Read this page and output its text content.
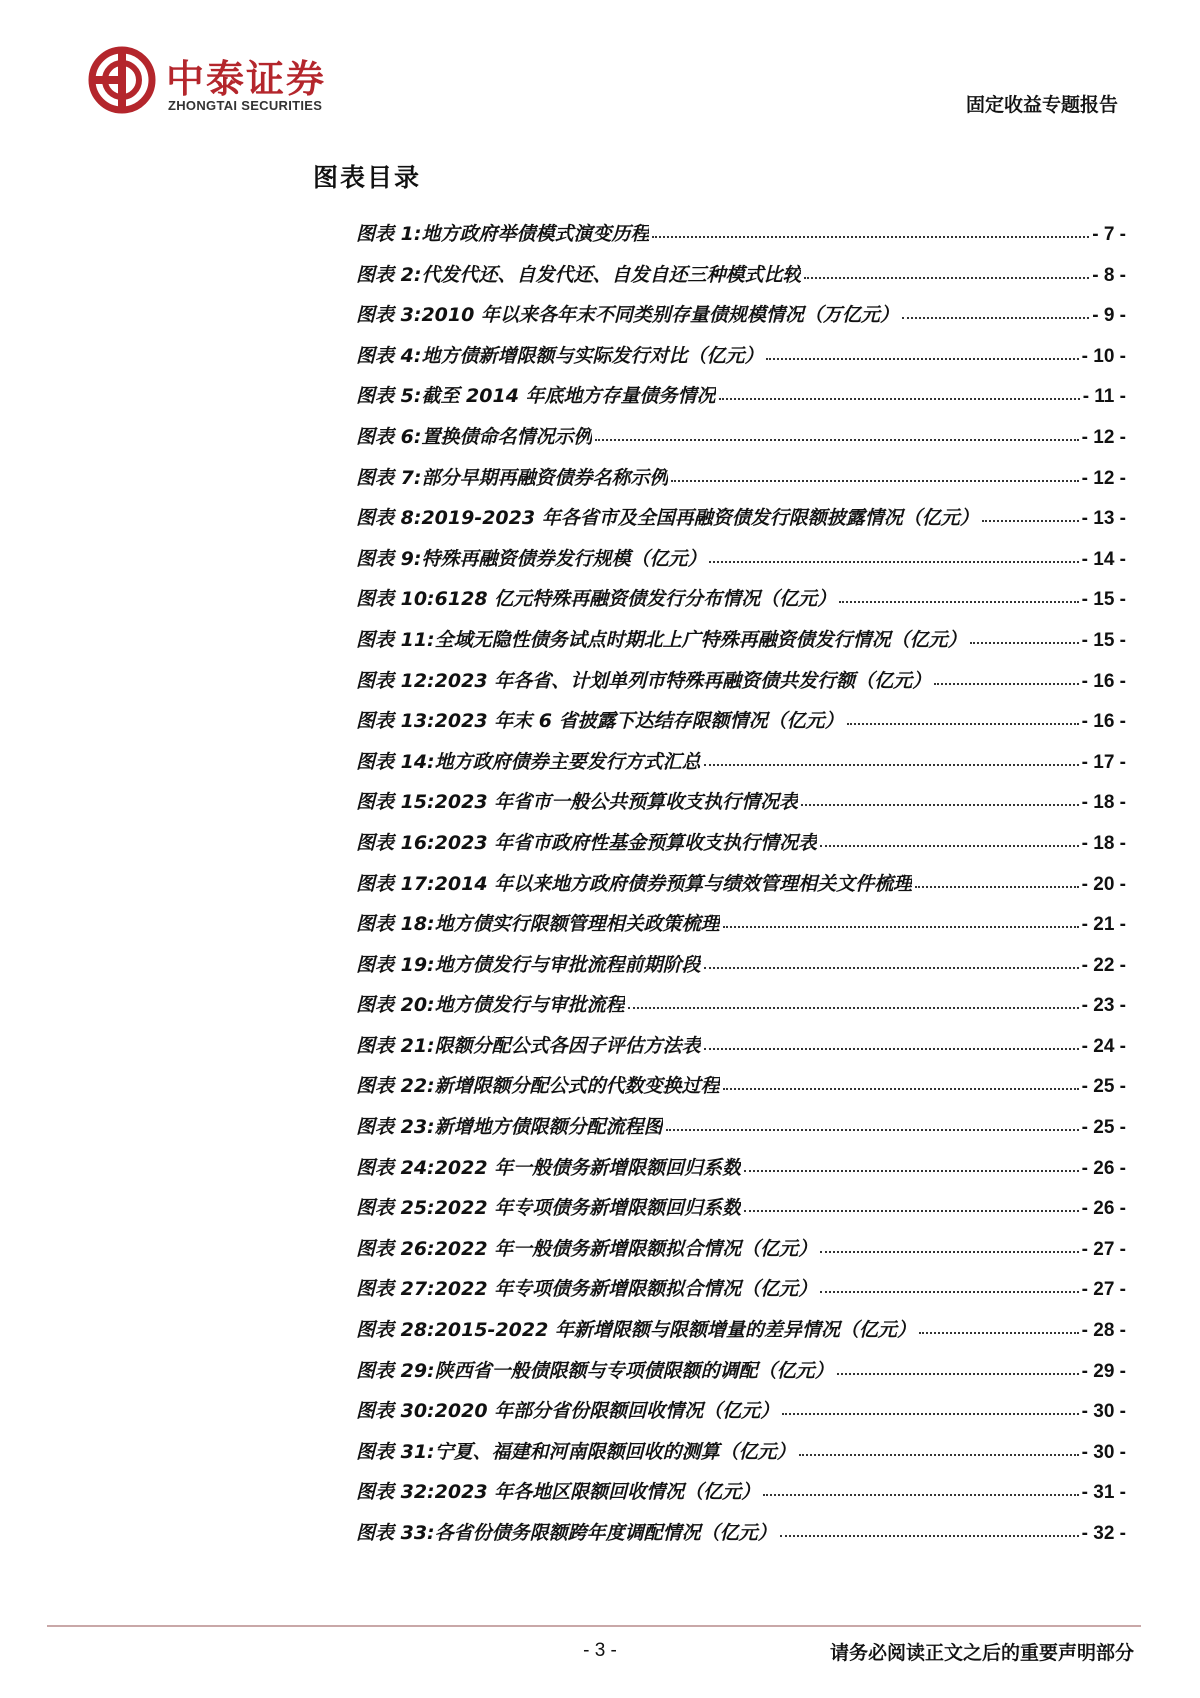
中泰证券
ZHONGTAI SECURITIES	固定收益专题报告
图表目录
图表 1: 地方政府举债模式演变历程	- 7 -
图表 2: 代发代还、自发代还、自发自还三种模式比较	- 8 -
图表 3: 2010 年以来各年末不同类别存量债规模情况（万亿元）	- 9 -
图表 4: 地方债新增限额与实际发行对比（亿元）	- 10 -
图表 5: 截至 2014 年底地方存量债务情况	- 11 -
图表 6: 置换债命名情况示例	- 12 -
图表 7: 部分早期再融资债券名称示例	- 12 -
图表 8: 2019-2023 年各省市及全国再融资债发行限额披露情况（亿元）	- 13 -
图表 9: 特殊再融资债券发行规模（亿元）	- 14 -
图表 10: 6128 亿元特殊再融资债发行分布情况（亿元）	- 15 -
图表 11: 全域无隐性债务试点时期北上广特殊再融资债发行情况（亿元）	- 15 -
图表 12: 2023 年各省、计划单列市特殊再融资债共发行额（亿元）	- 16 -
图表 13: 2023 年末 6 省披露下达结存限额情况（亿元）	- 16 -
图表 14: 地方政府债券主要发行方式汇总	- 17 -
图表 15: 2023 年省市一般公共预算收支执行情况表	- 18 -
图表 16: 2023 年省市政府性基金预算收支执行情况表	- 18 -
图表 17: 2014 年以来地方政府债券预算与绩效管理相关文件梳理	- 20 -
图表 18: 地方债实行限额管理相关政策梳理	- 21 -
图表 19: 地方债发行与审批流程前期阶段	- 22 -
图表 20: 地方债发行与审批流程	- 23 -
图表 21: 限额分配公式各因子评估方法表	- 24 -
图表 22: 新增限额分配公式的代数变换过程	- 25 -
图表 23: 新增地方债限额分配流程图	- 25 -
图表 24: 2022 年一般债务新增限额回归系数	- 26 -
图表 25: 2022 年专项债务新增限额回归系数	- 26 -
图表 26: 2022 年一般债务新增限额拟合情况（亿元）	- 27 -
图表 27: 2022 年专项债务新增限额拟合情况（亿元）	- 27 -
图表 28: 2015-2022 年新增限额与限额增量的差异情况（亿元）	- 28 -
图表 29: 陕西省一般债限额与专项债限额的调配（亿元）	- 29 -
图表 30: 2020 年部分省份限额回收情况（亿元）	- 30 -
图表 31: 宁夏、福建和河南限额回收的测算（亿元）	- 30 -
图表 32: 2023 年各地区限额回收情况（亿元）	- 31 -
图表 33: 各省份债务限额跨年度调配情况（亿元）	- 32 -
- 3 -	请务必阅读正文之后的重要声明部分
